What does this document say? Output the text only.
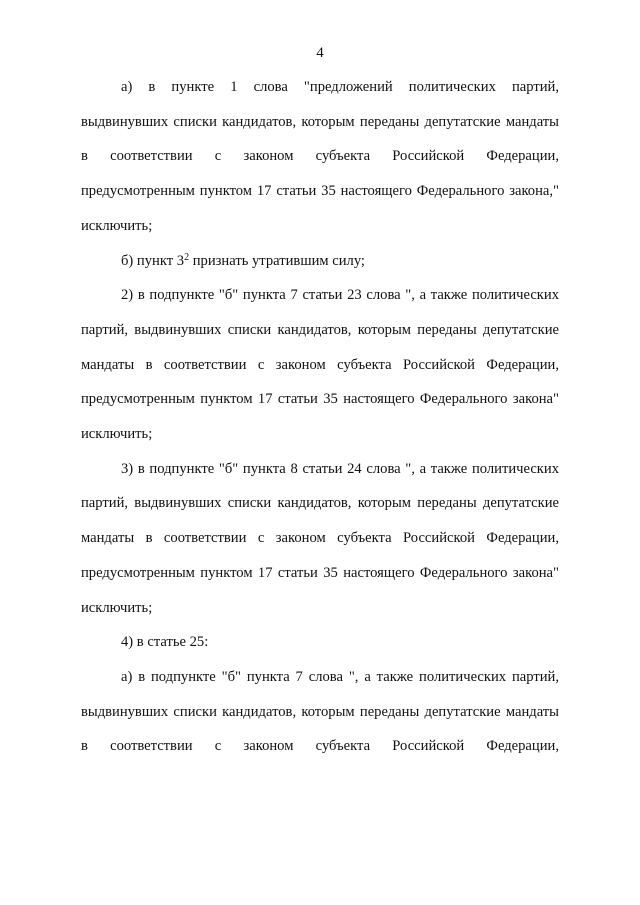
4

а) в пункте 1 слова "предложений политических партий, выдвинувших списки кандидатов, которым переданы депутатские мандаты в соответствии с законом субъекта Российской Федерации, предусмотренным пунктом 17 статьи 35 настоящего Федерального закона," исключить;

б) пункт $3^2$ признать утратившим силу;

2) в подпункте "б" пункта 7 статьи 23 слова ", а также политических партий, выдвинувших списки кандидатов, которым переданы депутатские мандаты в соответствии с законом субъекта Российской Федерации, предусмотренным пунктом 17 статьи 35 настоящего Федерального закона" исключить;

3) в подпункте "б" пункта 8 статьи 24 слова ", а также политических партий, выдвинувших списки кандидатов, которым переданы депутатские мандаты в соответствии с законом субъекта Российской Федерации, предусмотренным пунктом 17 статьи 35 настоящего Федерального закона" исключить;

4) в статье 25:

а) в подпункте "б" пункта 7 слова ", а также политических партий, выдвинувших списки кандидатов, которым переданы депутатские мандаты в соответствии с законом субъекта Российской Федерации,
